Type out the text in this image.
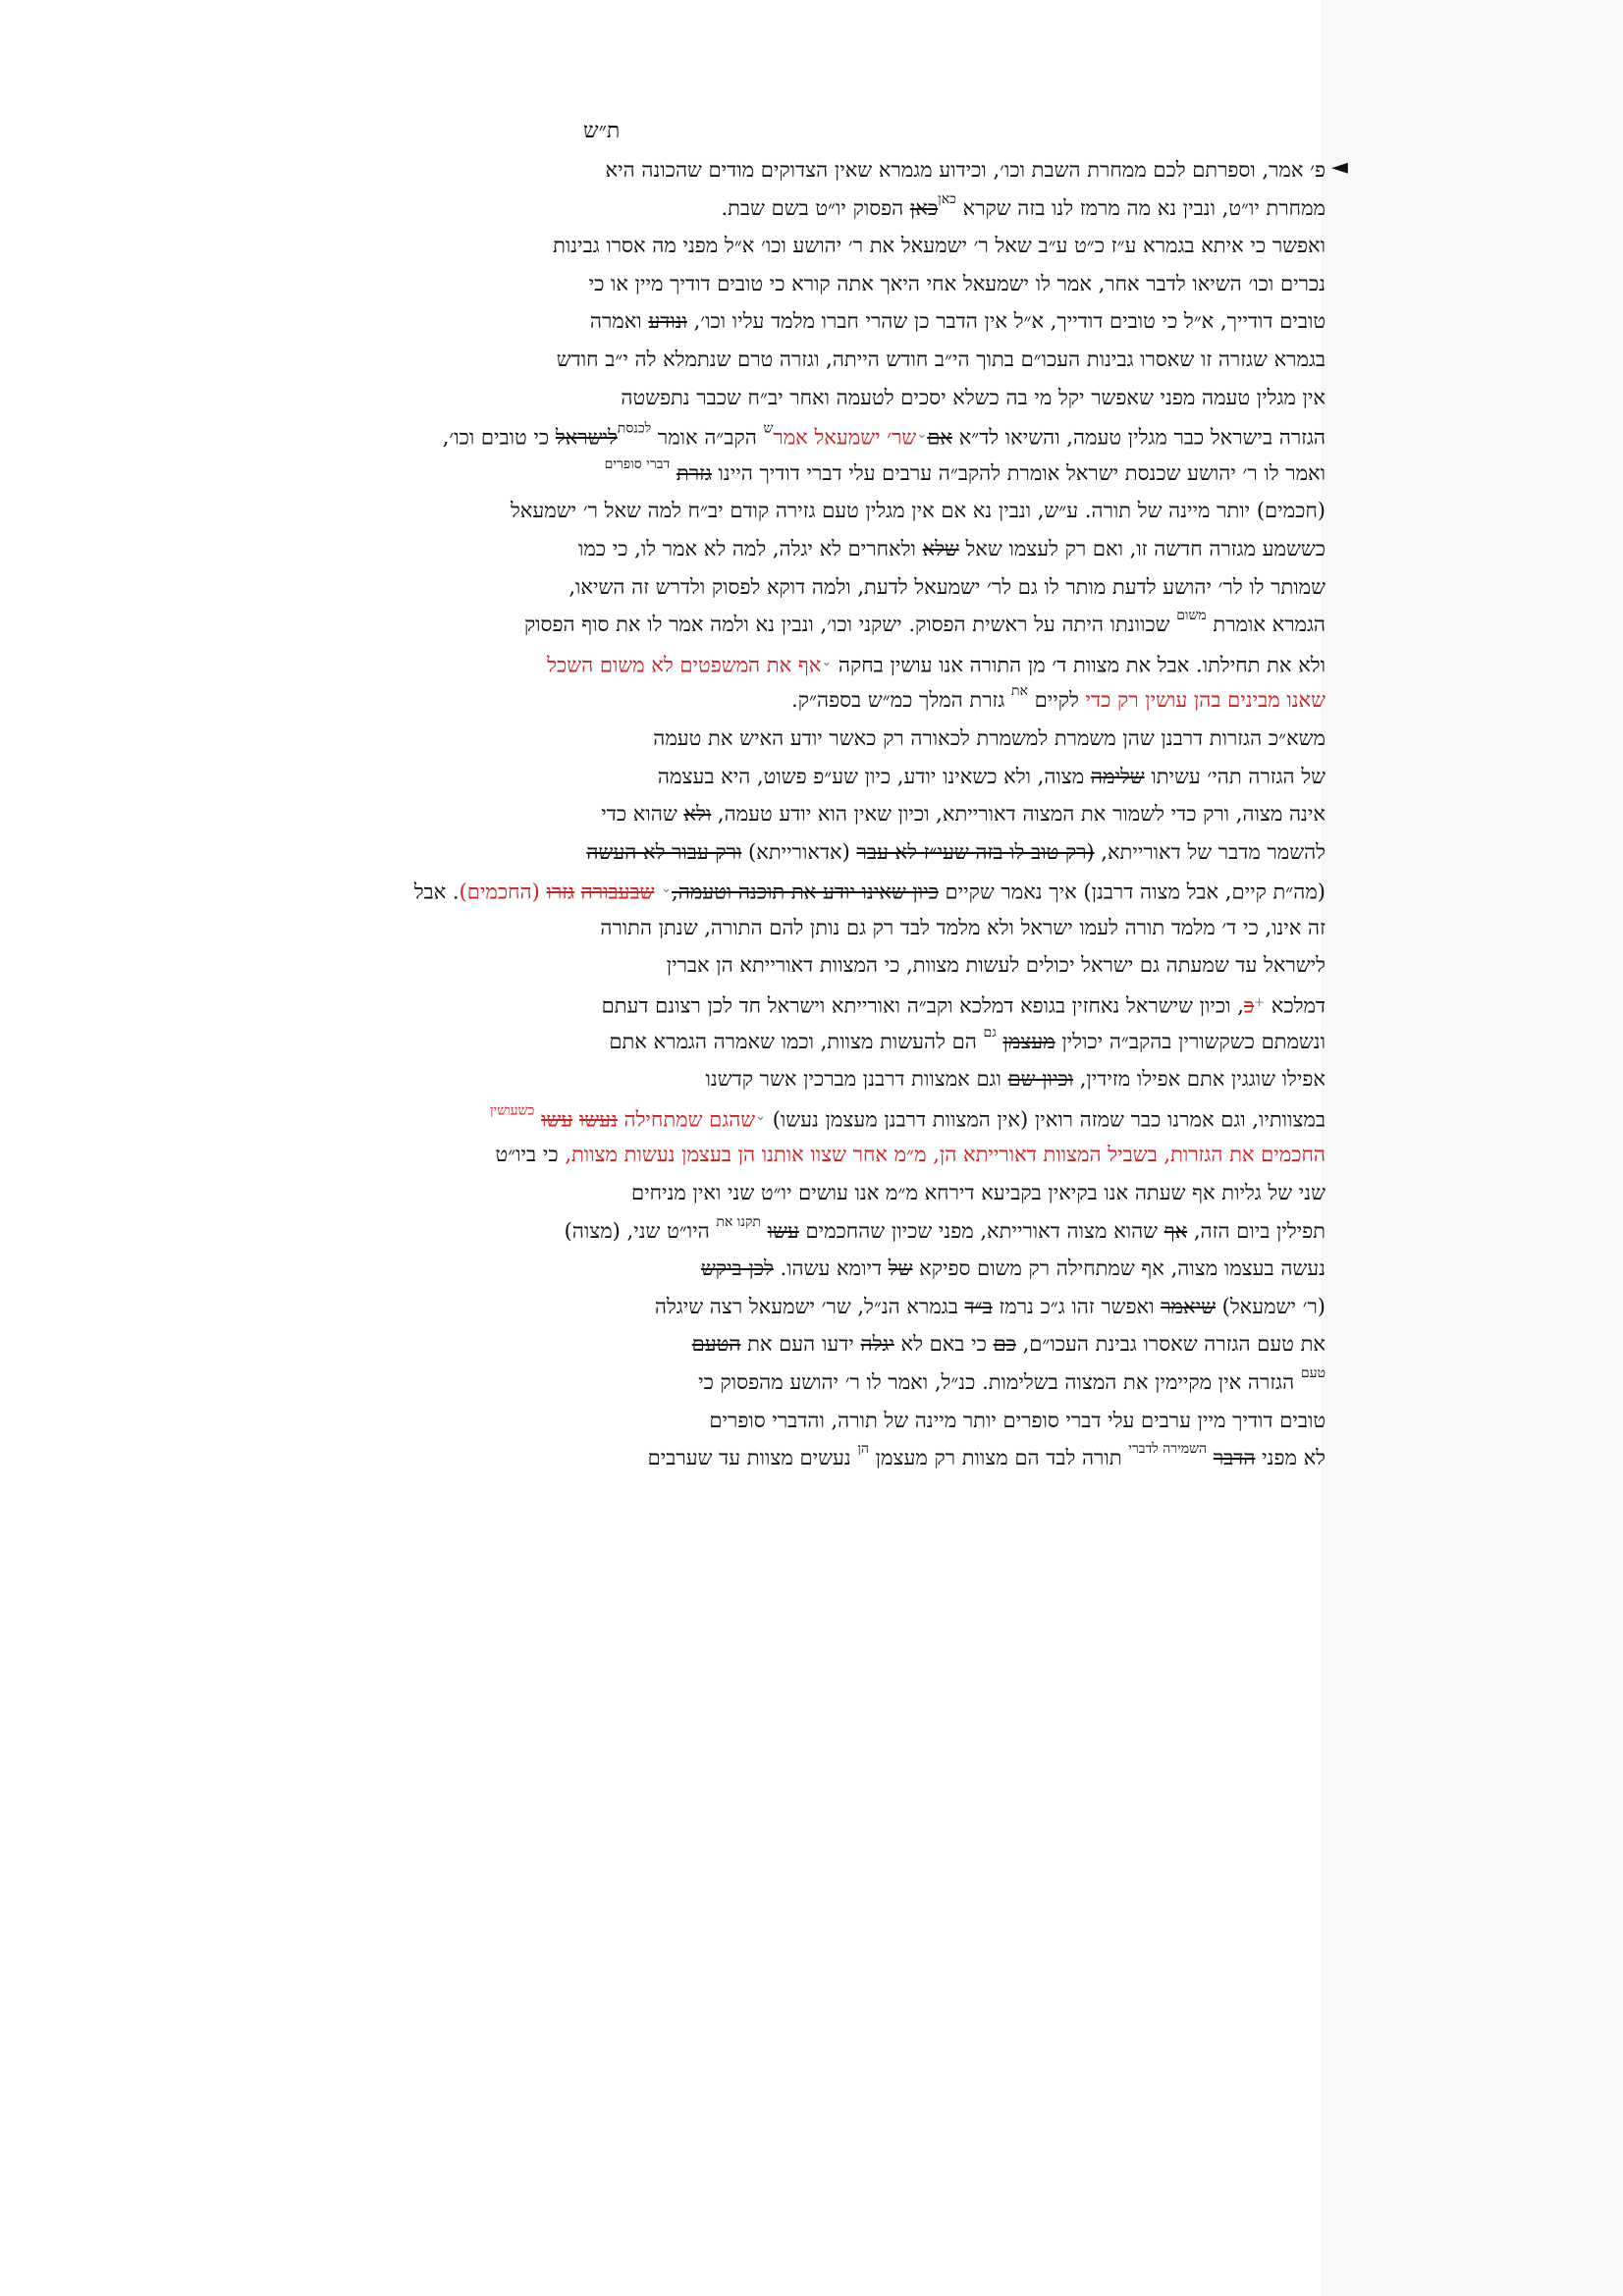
ת״ש
◄
פ׳ אמר, וספרתם לכם ממחרת השבת וכו׳, וכידוע מגמרא שאין הצדוקים מודים שהכונה היא
ממחרת יו״ט, ונבין נא מה מרמז לנו בזה שקרא $^{כאן}$כאן הפסוק יו״ט בשם שבת.
ואפשר כי איתא בגמרא ע״ז כ״ט ע״ב שאל ר׳ ישמעאל את ר׳ יהושע וכו׳ א״ל מפני מה אסרו גבינות
נכרים וכו׳ השיאו לדבר אחר, אמר לו ישמעאל אחי היאך אתה קורא כי טובים דודיך מיין או כי
טובים דודייך, א״ל כי טובים דודייך, א״ל אין הדבר כן שהרי חברו מלמד עליו וכו׳, ונודע ואמרה
בגמרא שגזרה זו שאסרו גבינות העכו״ם בתוך הי״ב חודש הייתה, וגזרה טרם שנתמלא לה י״ב חודש
אין מגלין טעמה מפני שאפשר יקל מי בה כשלא יסכים לטעמה ואחר יב״ח שכבר נתפשטה
הגזרה בישראל כבר מגלין טעמה, והשיאו לד״א אם⌄שר׳ ישמעאל אמר$^ש$ הקב״ה אומר $^{לכנסת}$לישראל כי טובים וכו׳,
ואמר לו ר׳ יהושע שכנסת ישראל אומרת להקב״ה ערבים עלי דברי דודיך היינו גזרת $^{דברי סופרים}$
(חכמים) יותר מיינה של תורה. ע״ש, ונבין נא אם אין מגלין טעם גזירה קודם יב״ח למה שאל ר׳ ישמעאל
כששמע מגזרה חדשה זו, ואם רק לעצמו שאל שלא ולאחרים לא יגלה, למה לא אמר לו, כי כמו
שמותר לו לר׳ יהושע לדעת מותר לו גם לר׳ ישמעאל לדעת, ולמה דוקא לפסוק ולדרש זה השיאו,
הגמרא אומרת $^{משום}$ שכוונתו היתה על ראשית הפסוק. ישקני וכו׳, ונבין נא ולמה אמר לו את סוף הפסוק
ולא את תחילתו. אבל את מצוות ד׳ מן התורה אנו עושין בחקה ⌄אף את המשפטים לא משום השכל
שאנו מבינים בהן עושין רק כדי לקיים $^{את}$ גזרת המלך כמ״ש בספה״ק.
משא״כ הגזרות דרבנן שהן משמרת למשמרת לכאורה רק כאשר יודע האיש את טעמה
של הגזרה תהי׳ עשיתו שלימה מצוה, ולא כשאינו יודע, כיון שע״פ פשוט, היא בעצמה
אינה מצוה, ורק כדי לשמור את המצוה דאורייתא, וכיון שאין הוא יודע טעמה, ולא שהוא כדי
להשמר מדבר של דאורייתא, (רק טוב לו בזה שעי״ז לא עבר (אדאורייתא) ורק עבור לא העשה
(מה״ת קיים, אבל מצוה דרבנן) איך נאמר שקיים כיון שאינו יודע את תוכנה וטעמה,⌄ שבעבורה גזרו (החכמים). אבל
זה אינו, כי ד׳ מלמד תורה לעמו ישראל ולא מלמד לבד רק גם נותן להם התורה, שנתן התורה
לישראל עד שמעתה גם ישראל יכולים לעשות מצוות, כי המצוות דאורייתא הן אברין
דמלכא +כ, וכיון שישראל נאחזין בגופא דמלכא וקב״ה ואורייתא וישראל חד לכן רצונם דעתם
ונשמתם כשקשורין בהקב״ה יכולין מעצמן $^{גם}$ הם להעשות מצוות, וכמו שאמרה הגמרא אתם
אפילו שוגגין אתם אפילו מזידין, וכיון שם וגם אמצוות דרבנן מברכין אשר קדשנו
במצוותיו, וגם אמרנו כבר שמזה רואין (אין המצוות דרבנן מעצמן נעשו) ⌄שהגם שמתחילה נעשו עשו $^{כשעושין}$
החכמים את הגזרות, בשביל המצוות דאורייתא הן, מ״מ אחר שצוו אותנו הן בעצמן נעשות מצוות, כי ביו״ט
שני של גליות אף שעתה אנו בקיאין בקביעא דירחא מ״מ אנו עושים יו״ט שני ואין מניחים
תפילין ביום הזה, אף שהוא מצוה דאורייתא, מפני שכיון שהחכמים עשו $^{תקנו את}$ היו״ט שני, (מצוה)
נעשה בעצמו מצוה, אף שמתחילה רק משום ספיקא של דיומא עשהו. לכן ביקש
(ר׳ ישמעאל) שיאמר ואפשר זהו ג״כ נרמז ב״ד בגמרא הנ״ל, שר׳ ישמעאל רצה שיגלה
את טעם הגזרה שאסרו גבינת העכו״ם, כם כי באם לא יגלה ידעו העם את הטעם
$^{טעם}$ הגזרה אין מקיימין את המצוה בשלימות. כנ״ל, ואמר לו ר׳ יהושע מהפסוק כי
טובים דודיך מיין ערבים עלי דברי סופרים יותר מיינה של תורה, והדברי סופרים
לא מפני הדבר $^{השמירה לדברי}$ תורה לבד הם מצוות רק מעצמן $^{הן}$ נעשים מצוות עד שערבים
